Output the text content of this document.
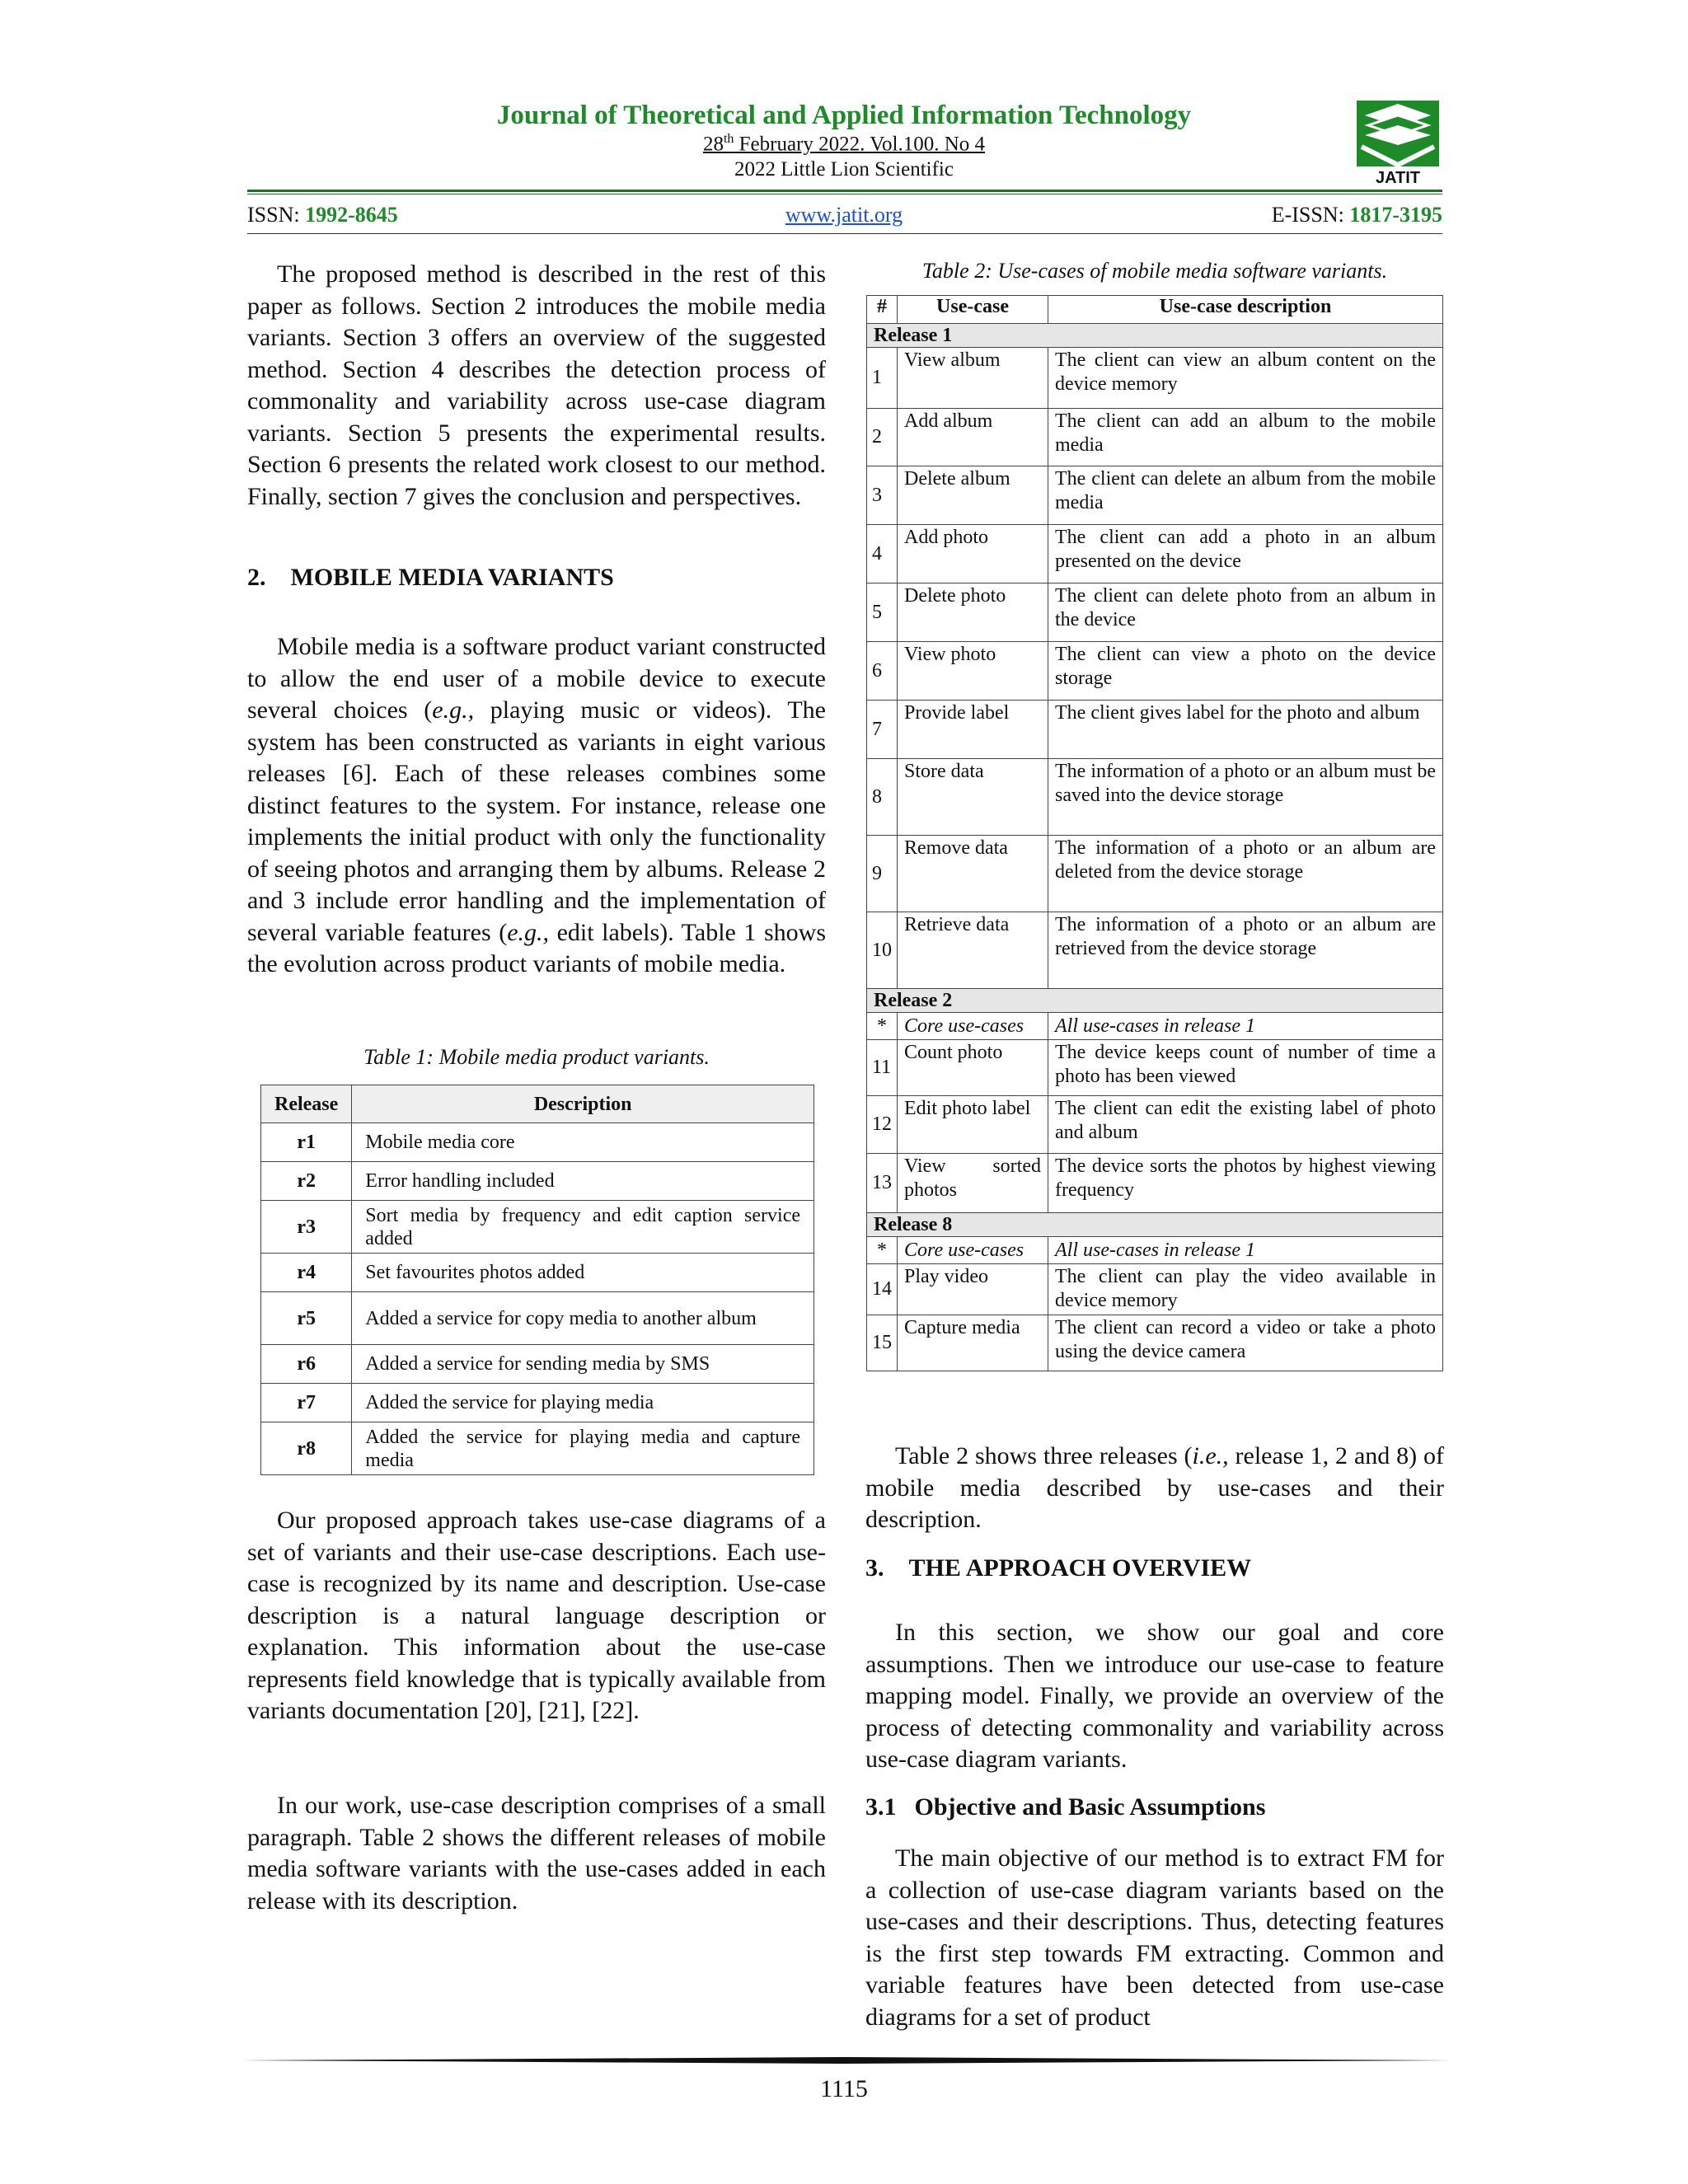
Journal of Theoretical and Applied Information Technology
28th February 2022. Vol.100. No 4
2022 Little Lion Scientific	JATIT
ISSN: 1992-8645	www.jatit.org	E-ISSN: 1817-3195

The proposed method is described in the rest of this paper as follows. Section 2 introduces the mobile media variants. Section 3 offers an overview of the suggested method. Section 4 describes the detection process of commonality and variability across use-case diagram variants. Section 5 presents the experimental results. Section 6 presents the related work closest to our method. Finally, section 7 gives the conclusion and perspectives.

2. MOBILE MEDIA VARIANTS

Mobile media is a software product variant constructed to allow the end user of a mobile device to execute several choices (e.g., playing music or videos). The system has been constructed as variants in eight various releases [6]. Each of these releases combines some distinct features to the system. For instance, release one implements the initial product with only the functionality of seeing photos and arranging them by albums. Release 2 and 3 include error handling and the implementation of several variable features (e.g., edit labels). Table 1 shows the evolution across product variants of mobile media.

Table 1: Mobile media product variants.
Release	Description
r1	Mobile media core
r2	Error handling included
r3	Sort media by frequency and edit caption service added
r4	Set favourites photos added
r5	Added a service for copy media to another album
r6	Added a service for sending media by SMS
r7	Added the service for playing media
r8	Added the service for playing media and capture media

Our proposed approach takes use-case diagrams of a set of variants and their use-case descriptions. Each use-case is recognized by its name and description. Use-case description is a natural language description or explanation. This information about the use-case represents field knowledge that is typically available from variants documentation [20], [21], [22].

In our work, use-case description comprises of a small paragraph. Table 2 shows the different releases of mobile media software variants with the use-cases added in each release with its description.

Table 2: Use-cases of mobile media software variants.
#	Use-case	Use-case description
Release 1		
1	View album	The client can view an album content on the device memory
2	Add album	The client can add an album to the mobile media
3	Delete album	The client can delete an album from the mobile media
4	Add photo	The client can add a photo in an album presented on the device
5	Delete photo	The client can delete photo from an album in the device
6	View photo	The client can view a photo on the device storage
7	Provide label	The client gives label for the photo and album
8	Store data	The information of a photo or an album must be saved into the device storage
9	Remove data	The information of a photo or an album are deleted from the device storage
10	Retrieve data	The information of a photo or an album are retrieved from the device storage
Release 2		
*	Core use-cases	All use-cases in release 1
11	Count photo	The device keeps count of number of time a photo has been viewed
12	Edit photo label	The client can edit the existing label of photo and album
13	View sorted photos	The device sorts the photos by highest viewing frequency
Release 8		
*	Core use-cases	All use-cases in release 1
14	Play video	The client can play the video available in device memory
15	Capture media	The client can record a video or take a photo using the device camera

Table 2 shows three releases (i.e., release 1, 2 and 8) of mobile media described by use-cases and their description.

3. THE APPROACH OVERVIEW

In this section, we show our goal and core assumptions. Then we introduce our use-case to feature mapping model. Finally, we provide an overview of the process of detecting commonality and variability across use-case diagram variants.

3.1 Objective and Basic Assumptions

The main objective of our method is to extract FM for a collection of use-case diagram variants based on the use-cases and their descriptions. Thus, detecting features is the first step towards FM extracting. Common and variable features have been detected from use-case diagrams for a set of product

1115
